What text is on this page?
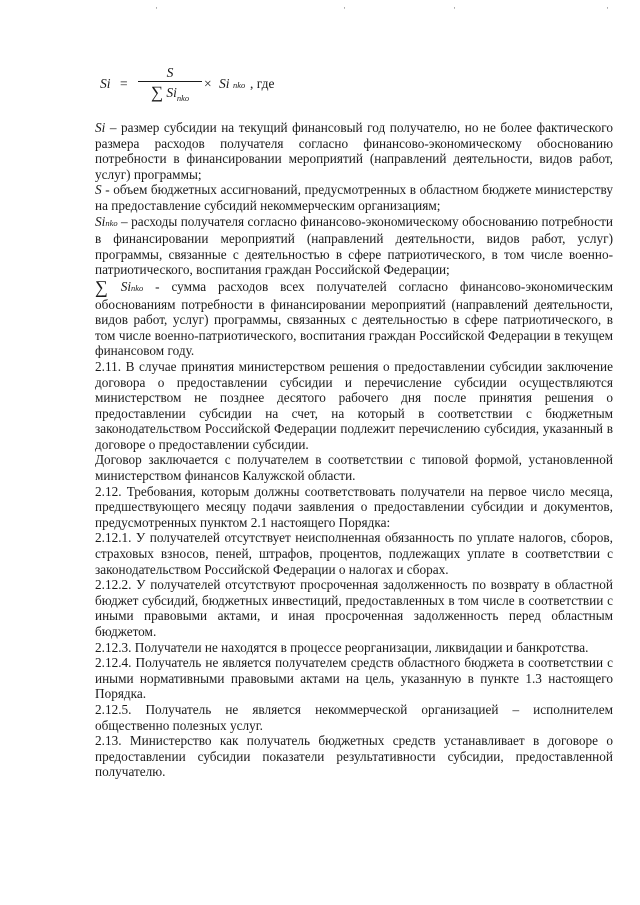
·	·	·	·
Si =
S
∑ $Si_{nko}$
× Si nko , где

Si – размер субсидии на текущий финансовый год получателю, но не более фактического размера расходов получателя согласно финансово-экономическому обоснованию потребности в финансировании мероприятий (направлений деятельности, видов работ, услуг) программы;

S - объем бюджетных ассигнований, предусмотренных в областном бюджете министерству на предоставление субсидий некоммерческим организациям;

Sinko – расходы получателя согласно финансово-экономическому обоснованию потребности в финансировании мероприятий (направлений деятельности, видов работ, услуг) программы, связанные с деятельностью в сфере патриотического, в том числе военно-патриотического, воспитания граждан Российской Федерации;

∑ Sinko - сумма расходов всех получателей согласно финансово-экономическим обоснованиям потребности в финансировании мероприятий (направлений деятельности, видов работ, услуг) программы, связанных с деятельностью в сфере патриотического, в том числе военно-патриотического, воспитания граждан Российской Федерации в текущем финансовом году.

2.11. В случае принятия министерством решения о предоставлении субсидии заключение договора о предоставлении субсидии и перечисление субсидии осуществляются министерством не позднее десятого рабочего дня после принятия решения о предоставлении субсидии на счет, на который в соответствии с бюджетным законодательством Российской Федерации подлежит перечислению субсидия, указанный в договоре о предоставлении субсидии.

Договор заключается с получателем в соответствии с типовой формой, установленной министерством финансов Калужской области.

2.12. Требования, которым должны соответствовать получатели на первое число месяца, предшествующего месяцу подачи заявления о предоставлении субсидии и документов, предусмотренных пунктом 2.1 настоящего Порядка:

2.12.1. У получателей отсутствует неисполненная обязанность по уплате налогов, сборов, страховых взносов, пеней, штрафов, процентов, подлежащих уплате в соответствии с законодательством Российской Федерации о налогах и сборах.

2.12.2. У получателей отсутствуют просроченная задолженность по возврату в областной бюджет субсидий, бюджетных инвестиций, предоставленных в том числе в соответствии с иными правовыми актами, и иная просроченная задолженность перед областным бюджетом.

2.12.3. Получатели не находятся в процессе реорганизации, ликвидации и банкротства.

2.12.4. Получатель не является получателем средств областного бюджета в соответствии с иными нормативными правовыми актами на цель, указанную в пункте 1.3 настоящего Порядка.

2.12.5. Получатель не является некоммерческой организацией – исполнителем общественно полезных услуг.

2.13. Министерство как получатель бюджетных средств устанавливает в договоре о предоставлении субсидии показатели результативности субсидии, предоставленной получателю.
